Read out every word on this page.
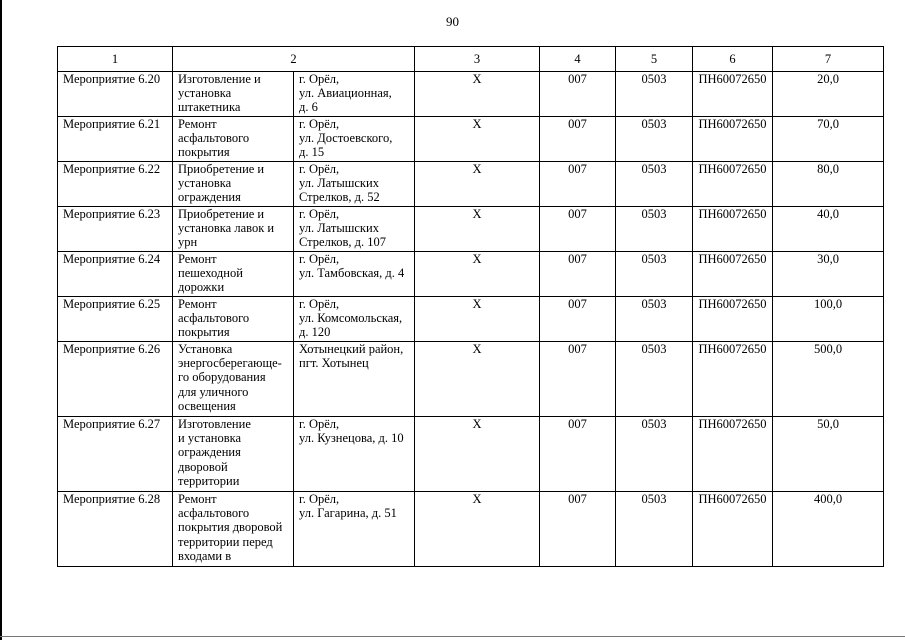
90
1	2		3	4	5	6	7
Мероприятие 6.20	Изготовление и
установка
штакетника	г. Орёл,
ул. Авиационная,
д. 6	X	007	0503	ПН60072650	20,0
Мероприятие 6.21	Ремонт
асфальтового
покрытия	г. Орёл,
ул. Достоевского,
д. 15	X	007	0503	ПН60072650	70,0
Мероприятие 6.22	Приобретение и
установка
ограждения	г. Орёл,
ул. Латышских
Стрелков, д. 52	X	007	0503	ПН60072650	80,0
Мероприятие 6.23	Приобретение и
установка лавок и
урн	г. Орёл,
ул. Латышских
Стрелков, д. 107	X	007	0503	ПН60072650	40,0
Мероприятие 6.24	Ремонт
пешеходной
дорожки	г. Орёл,
ул. Тамбовская, д. 4	X	007	0503	ПН60072650	30,0
Мероприятие 6.25	Ремонт
асфальтового
покрытия	г. Орёл,
ул. Комсомольская,
д. 120	X	007	0503	ПН60072650	100,0
Мероприятие 6.26	Установка
энергосберегающе-
го оборудования
для уличного
освещения	Хотынецкий район,
пгт. Хотынец	X	007	0503	ПН60072650	500,0
Мероприятие 6.27	Изготовление
и установка
ограждения
дворовой
территории	г. Орёл,
ул. Кузнецова, д. 10	X	007	0503	ПН60072650	50,0
Мероприятие 6.28	Ремонт
асфальтового
покрытия дворовой
территории перед
входами в	г. Орёл,
ул. Гагарина, д. 51	X	007	0503	ПН60072650	400,0
